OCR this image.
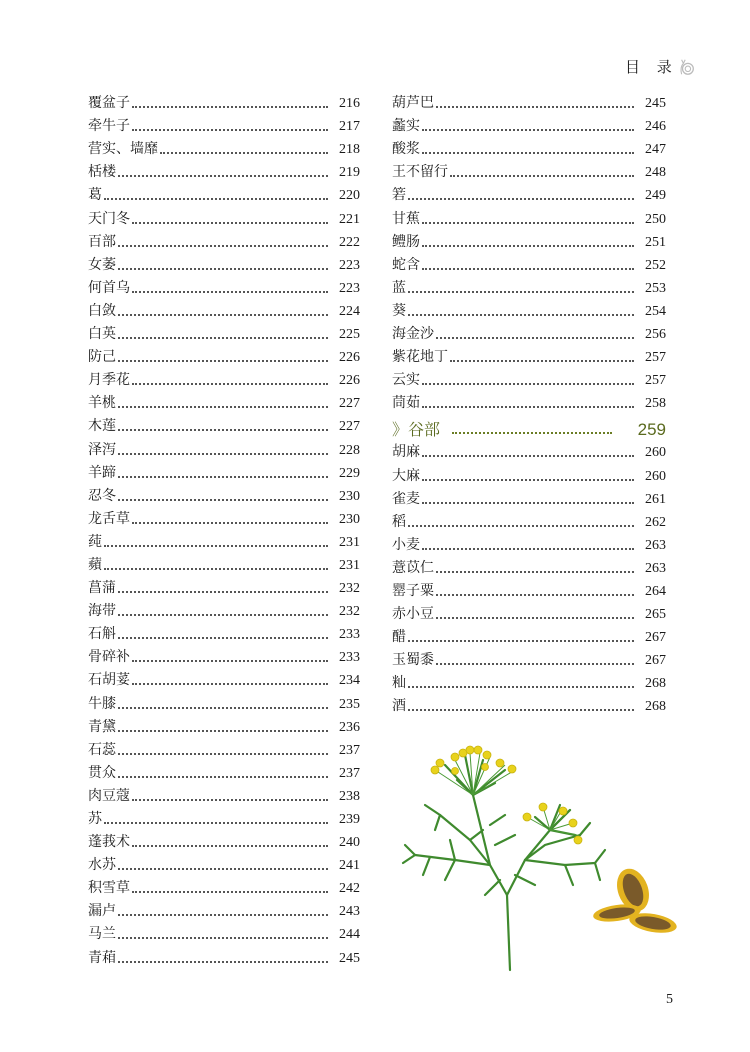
目 录
覆盆子	216
牵牛子	217
营实、墙靡	218
栝楼	219
葛	220
天门冬	221
百部	222
女萎	223
何首乌	223
白敛	224
白英	225
防己	226
月季花	226
羊桃	227
木莲	227
泽泻	228
羊蹄	229
忍冬	230
龙舌草	230
莼	231
蘋	231
菖蒲	232
海带	232
石斛	233
骨碎补	233
石胡荽	234
牛膝	235
青黛	236
石蕊	237
贯众	237
肉豆蔻	238
苏	239
蓬莪术	240
水苏	241
积雪草	242
漏卢	243
马兰	244
青葙	245
葫芦巴	245
蠡实	246
酸浆	247
王不留行	248
箬	249
甘蕉	250
鳢肠	251
蛇含	252
蓝	253
葵	254
海金沙	256
紫花地丁	257
云实	257
茼茹	258
》 谷部	259
胡麻	260
大麻	260
雀麦	261
稻	262
小麦	263
薏苡仁	263
罂子粟	264
赤小豆	265
醋	267
玉蜀黍	267
籼	268
酒	268
5
